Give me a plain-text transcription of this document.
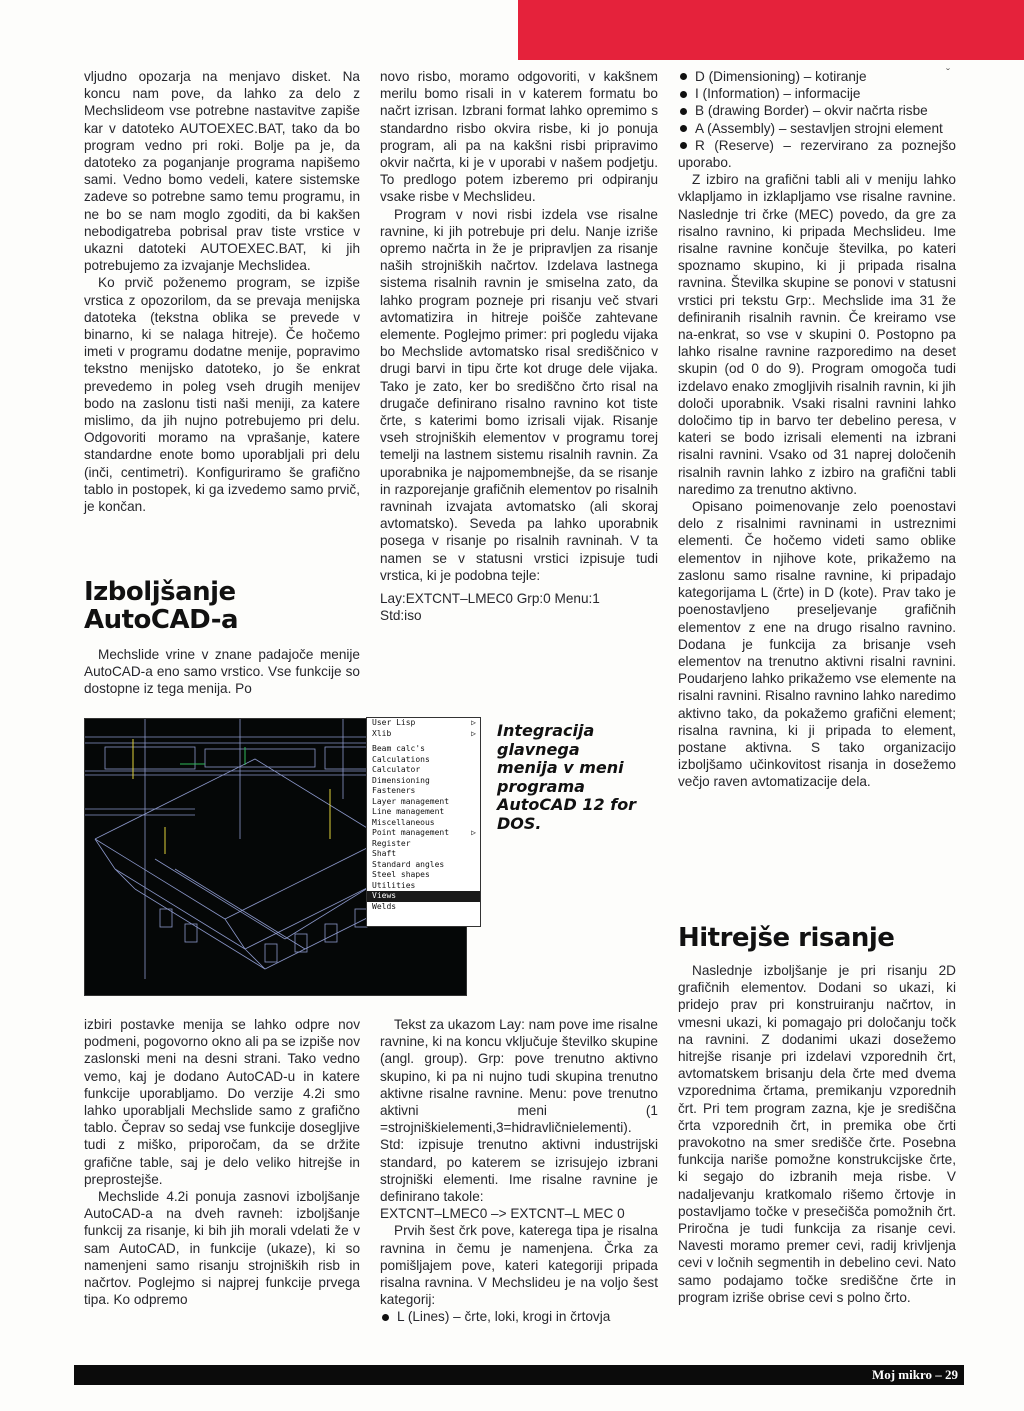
ˇ

vljudno opozarja na menjavo disket. Na koncu nam pove, da lahko za delo z Mechslideom vse potrebne nastavitve zapiše kar v datoteko AUTOEXEC.BAT, tako da bo program vedno pri roki. Bolje pa je, da datoteko za poganjanje programa napišemo sami. Vedno bomo vedeli, katere sistemske zadeve so potrebne samo temu programu, in ne bo se nam moglo zgoditi, da bi kakšen nebodigatreba pobrisal prav tiste vrstice v ukazni datoteki AUTOEXEC.BAT, ki jih potrebujemo za izvajanje Mechslidea.

Ko prvič poženemo program, se izpiše vrstica z opozorilom, da se prevaja menijska datoteka (tekstna oblika se prevede v binarno, ki se nalaga hitreje). Če hočemo imeti v programu dodatne menije, popravimo tekstno menijsko datoteko, jo še enkrat prevedemo in poleg vseh drugih menijev bodo na zaslonu tisti naši meniji, za katere mislimo, da jih nujno potrebujemo pri delu. Odgovoriti moramo na vprašanje, katere standardne enote bomo uporabljali pri delu (inči, centimetri). Konfiguriramo še grafično tablo in postopek, ki ga izvedemo samo prvič, je končan.

Izboljšanje
AutoCAD-a

Mechslide vrine v znane padajoče menije AutoCAD-a eno samo vrstico. Vse funkcije so dostopne iz tega menija. Po

izbiri postavke menija se lahko odpre nov podmeni, pogovorno okno ali pa se izpiše nov zaslonski meni na desni strani. Tako vedno vemo, kaj je dodano AutoCAD-u in katere funkcije uporabljamo. Do verzije 4.2i smo lahko uporabljali Mechslide samo z grafično tablo. Čeprav so sedaj vse funkcije dosegljive tudi z miško, priporočam, da se držite grafične table, saj je delo veliko hitrejše in preprostejše.

Mechslide 4.2i ponuja zasnovi izboljšanje AutoCAD-a na dveh ravneh: izboljšanje funkcij za risanje, ki bih jih morali vdelati že v sam AutoCAD, in funkcije (ukaze), ki so namenjeni samo risanju strojniških risb in načrtov. Poglejmo si najprej funkcije prvega tipa. Ko odpremo

novo risbo, moramo odgovoriti, v kakšnem merilu bomo risali in v katerem formatu bo načrt izrisan. Izbrani format lahko opremimo s standardno risbo okvira risbe, ki jo ponuja program, ali pa na kakšni risbi pripravimo okvir načrta, ki je v uporabi v našem podjetju. To predlogo potem izberemo pri odpiranju vsake risbe v Mechslideu.

Program v novi risbi izdela vse risalne ravnine, ki jih potrebuje pri delu. Nanje izriše opremo načrta in že je pripravljen za risanje naših strojniških načrtov. Izdelava lastnega sistema risalnih ravnin je smiselna zato, da lahko program pozneje pri risanju več stvari avtomatizira in hitreje poišče zahtevane elemente. Poglejmo primer: pri pogledu vijaka bo Mechslide avtomatsko risal središčnico v drugi barvi in tipu črte kot druge dele vijaka. Tako je zato, ker bo središčno črto risal na drugače definirano risalno ravnino kot tiste črte, s katerimi bomo izrisali vijak. Risanje vseh strojniških elementov v programu torej temelji na lastnem sistemu risalnih ravnin. Za uporabnika je najpomembnejše, da se risanje in razporejanje grafičnih elementov po risalnih ravninah izvajata avtomatsko (ali skoraj avtomatsko). Seveda pa lahko uporabnik posega v risanje po risalnih ravninah. V ta namen se v statusni vrstici izpisuje tudi vrstica, ki je podobna tejle:

Lay:EXTCNT–LMEC0 Grp:0 Menu:1

Std:iso

Tekst za ukazom Lay: nam pove ime risalne ravnine, ki na koncu vključuje številko skupine (angl. group). Grp: pove trenutno aktivno skupino, ki pa ni nujno tudi skupina trenutno aktivne risalne ravnine. Menu: pove trenutno aktivni meni (1 =strojniškielementi,3=hidravličnielementi). Std: izpisuje trenutno aktivni industrijski standard, po katerem se izrisujejo izbrani strojniški elementi. Ime risalne ravnine je definirano takole:

EXTCNT–LMEC0 –> EXTCNT–L MEC 0

Prvih šest črk pove, katerega tipa je risalna ravnina in čemu je namenjena. Črka za pomišljajem pove, kateri kategoriji pripada risalna ravnina. V Mechslideu je na voljo šest kategorij:

L (Lines) – črte, loki, krogi in črtovja

D (Dimensioning) – kotiranje

I (Information) – informacije

B (drawing Border) – okvir načrta risbe

A (Assembly) – sestavljen strojni element

R (Reserve) – rezervirano za poznejšo uporabo.

Z izbiro na grafični tabli ali v meniju lahko vklapljamo in izklapljamo vse risalne ravnine. Naslednje tri črke (MEC) povedo, da gre za risalno ravnino, ki pripada Mechslideu. Ime risalne ravnine končuje številka, po kateri spoznamo skupino, ki ji pripada risalna ravnina. Številka skupine se ponovi v statusni vrstici pri tekstu Grp:. Mechslide ima 31 že definiranih risalnih ravnin. Če kreiramo vse na-enkrat, so vse v skupini 0. Postopno pa lahko risalne ravnine razporedimo na deset skupin (od 0 do 9). Program omogoča tudi izdelavo enako zmogljivih risalnih ravnin, ki jih določi uporabnik. Vsaki risalni ravnini lahko določimo tip in barvo ter debelino peresa, v kateri se bodo izrisali elementi na izbrani risalni ravnini. Vsako od 31 naprej določenih risalnih ravnin lahko z izbiro na grafični tabli naredimo za trenutno aktivno.

Opisano poimenovanje zelo poenostavi delo z risalnimi ravninami in ustreznimi elementi. Če hočemo videti samo oblike elementov in njihove kote, prikažemo na zaslonu samo risalne ravnine, ki pripadajo kategorijama L (črte) in D (kote). Prav tako je poenostavljeno preseljevanje grafičnih elementov z ene na drugo risalno ravnino. Dodana je funkcija za brisanje vseh elementov na trenutno aktivni risalni ravnini. Poudarjeno lahko prikažemo vse elemente na risalni ravnini. Risalno ravnino lahko naredimo aktivno tako, da pokažemo grafični element; risalna ravnina, ki ji pripada to element, postane aktivna. S tako organizacijo izboljšamo učinkovitost risanja in dosežemo večjo raven avtomatizacije dela.

Hitrejše risanje

Naslednje izboljšanje je pri risanju 2D grafičnih elementov. Dodani so ukazi, ki pridejo prav pri konstruiranju načrtov, in vmesni ukazi, ki pomagajo pri določanju točk na ravnini. Z dodanimi ukazi dosežemo hitrejše risanje pri izdelavi vzporednih črt, avtomatskem brisanju dela črte med dvema vzporednima črtama, premikanju vzporednih črt. Pri tem program zazna, kje je središčna črta vzporednih črt, in premika obe črti pravokotno na smer središče črte. Posebna funkcija nariše pomožne konstrukcijske črte, ki segajo do izbranih meja risbe. V nadaljevanju kratkomalo rišemo črtovje in postavljamo točke v presečišča pomožnih črt. Priročna je tudi funkcija za risanje cevi. Navesti moramo premer cevi, radij krivljenja cevi v ločnih segmentih in debelino cevi. Nato samo podajamo točke središčne črte in program izriše obrise cevi s polno črto.

User Lisp	▷
Xlib	▷
Beam calc's
Calculations
Calculator
Dimensioning
Fasteners
Layer management
Line management
Miscellaneous
Point management	▷
Register
Shaft
Standard angles
Steel shapes
Utilities
Views
Welds
Integracija glavnega menija v meni programa AutoCAD 12 for DOS.
Moj mikro – 29
